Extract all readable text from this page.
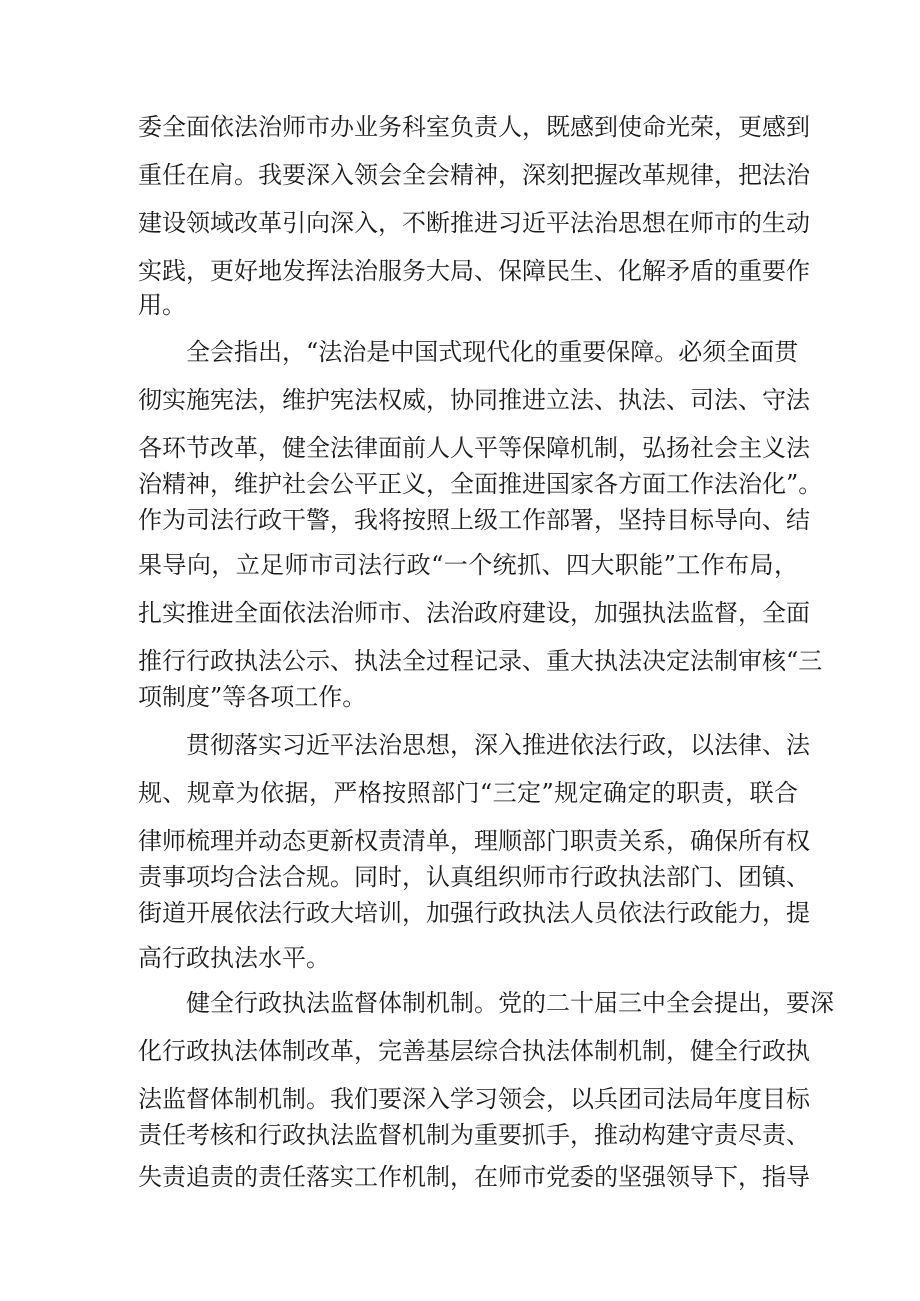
委全面依法治师市办业务科室负责人，既感到使命光荣，更感到
重任在肩。我要深入领会全会精神，深刻把握改革规律，把法治
建设领域改革引向深入，不断推进习近平法治思想在师市的生动
实践，更好地发挥法治服务大局、保障民生、化解矛盾的重要作
用。
全会指出，“法治是中国式现代化的重要保障。必须全面贯
彻实施宪法，维护宪法权威，协同推进立法、执法、司法、守法
各环节改革，健全法律面前人人平等保障机制，弘扬社会主义法
治精神，维护社会公平正义，全面推进国家各方面工作法治化”。
作为司法行政干警，我将按照上级工作部署，坚持目标导向、结
果导向，立足师市司法行政“一个统抓、四大职能”工作布局，
扎实推进全面依法治师市、法治政府建设，加强执法监督，全面
推行行政执法公示、执法全过程记录、重大执法决定法制审核“三
项制度”等各项工作。
贯彻落实习近平法治思想，深入推进依法行政，以法律、法
规、规章为依据，严格按照部门“三定”规定确定的职责，联合
律师梳理并动态更新权责清单，理顺部门职责关系，确保所有权
责事项均合法合规。同时，认真组织师市行政执法部门、团镇、
街道开展依法行政大培训，加强行政执法人员依法行政能力，提
高行政执法水平。
健全行政执法监督体制机制。党的二十届三中全会提出，要深
化行政执法体制改革，完善基层综合执法体制机制，健全行政执
法监督体制机制。我们要深入学习领会，以兵团司法局年度目标
责任考核和行政执法监督机制为重要抓手，推动构建守责尽责、
失责追责的责任落实工作机制，在师市党委的坚强领导下，指导
